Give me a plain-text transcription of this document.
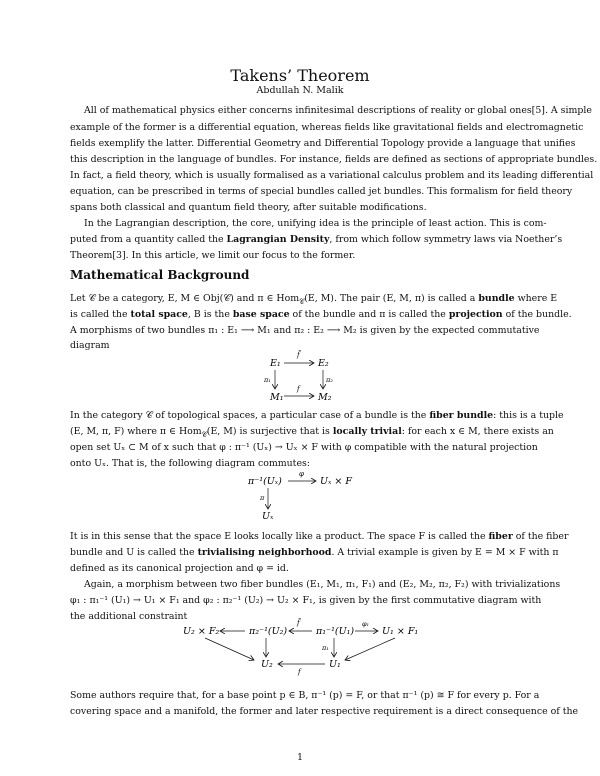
Takens’ Theorem
Abdullah N. Malik
All of mathematical physics either concerns infinitesimal descriptions of reality or global ones[5]. A simple
example of the former is a differential equation, whereas fields like gravitational fields and electromagnetic
fields exemplify the latter. Differential Geometry and Differential Topology provide a language that unifies
this description in the language of bundles. For instance, fields are defined as sections of appropriate bundles.
In fact, a field theory, which is usually formalised as a variational calculus problem and its leading differential
equation, can be prescribed in terms of special bundles called jet bundles. This formalism for field theory
spans both classical and quantum field theory, after suitable modifications.
In the Lagrangian description, the core, unifying idea is the principle of least action. This is com-
puted from a quantity called the Lagrangian Density, from which follow symmetry laws via Noether’s
Theorem[3]. In this article, we limit our focus to the former.
Mathematical Background
Let 𝒞 be a category, E, M ∈ Obj(𝒞) and π ∈ Hom$_𝒞$(E, M). The pair (E, M, π) is called a bundle where E
is called the total space, B is the base space of the bundle and π is called the projection of the bundle.
A morphisms of two bundles π₁ : E₁ ⟶ M₁ and π₂ : E₂ ⟶ M₂ is given by the expected commutative
diagram
In the category 𝒞 of topological spaces, a particular case of a bundle is the fiber bundle: this is a tuple
(E, M, π, F) where π ∈ Hom$_𝒞$(E, M) is surjective that is locally trivial: for each x ∈ M, there exists an
open set Uₓ ⊂ M of x such that φ : π⁻¹ (Uₓ) → Uₓ × F with φ compatible with the natural projection
onto Uₓ. That is, the following diagram commutes:
It is in this sense that the space E looks locally like a product. The space F is called the fiber of the fiber
bundle and U is called the trivialising neighborhood. A trivial example is given by E = M × F with π
defined as its canonical projection and φ = id.
Again, a morphism between two fiber bundles (E₁, M₁, π₁, F₁) and (E₂, M₂, π₂, F₂) with trivializations
φ₁ : π₁⁻¹ (U₁) → U₁ × F₁ and φ₂ : π₂⁻¹ (U₂) → U₂ × F₁, is given by the first commutative diagram with
the additional constraint
Some authors require that, for a base point p ∈ B, π⁻¹ (p) = F, or that π⁻¹ (p) ≅ F for every p. For a
covering space and a manifold, the former and later respective requirement is a direct consequence of the
1
E₁	E₂
M₁	M₂
f̃
f
π₁	π₂
π⁻¹(Uₓ)	Uₓ × F
Uₓ
φ
π
U₂ × F₂	π₂⁻¹(U₂)	π₁⁻¹(U₁)	U₁ × F₁
U₂	U₁
f̃	φ₁
π₁
f
